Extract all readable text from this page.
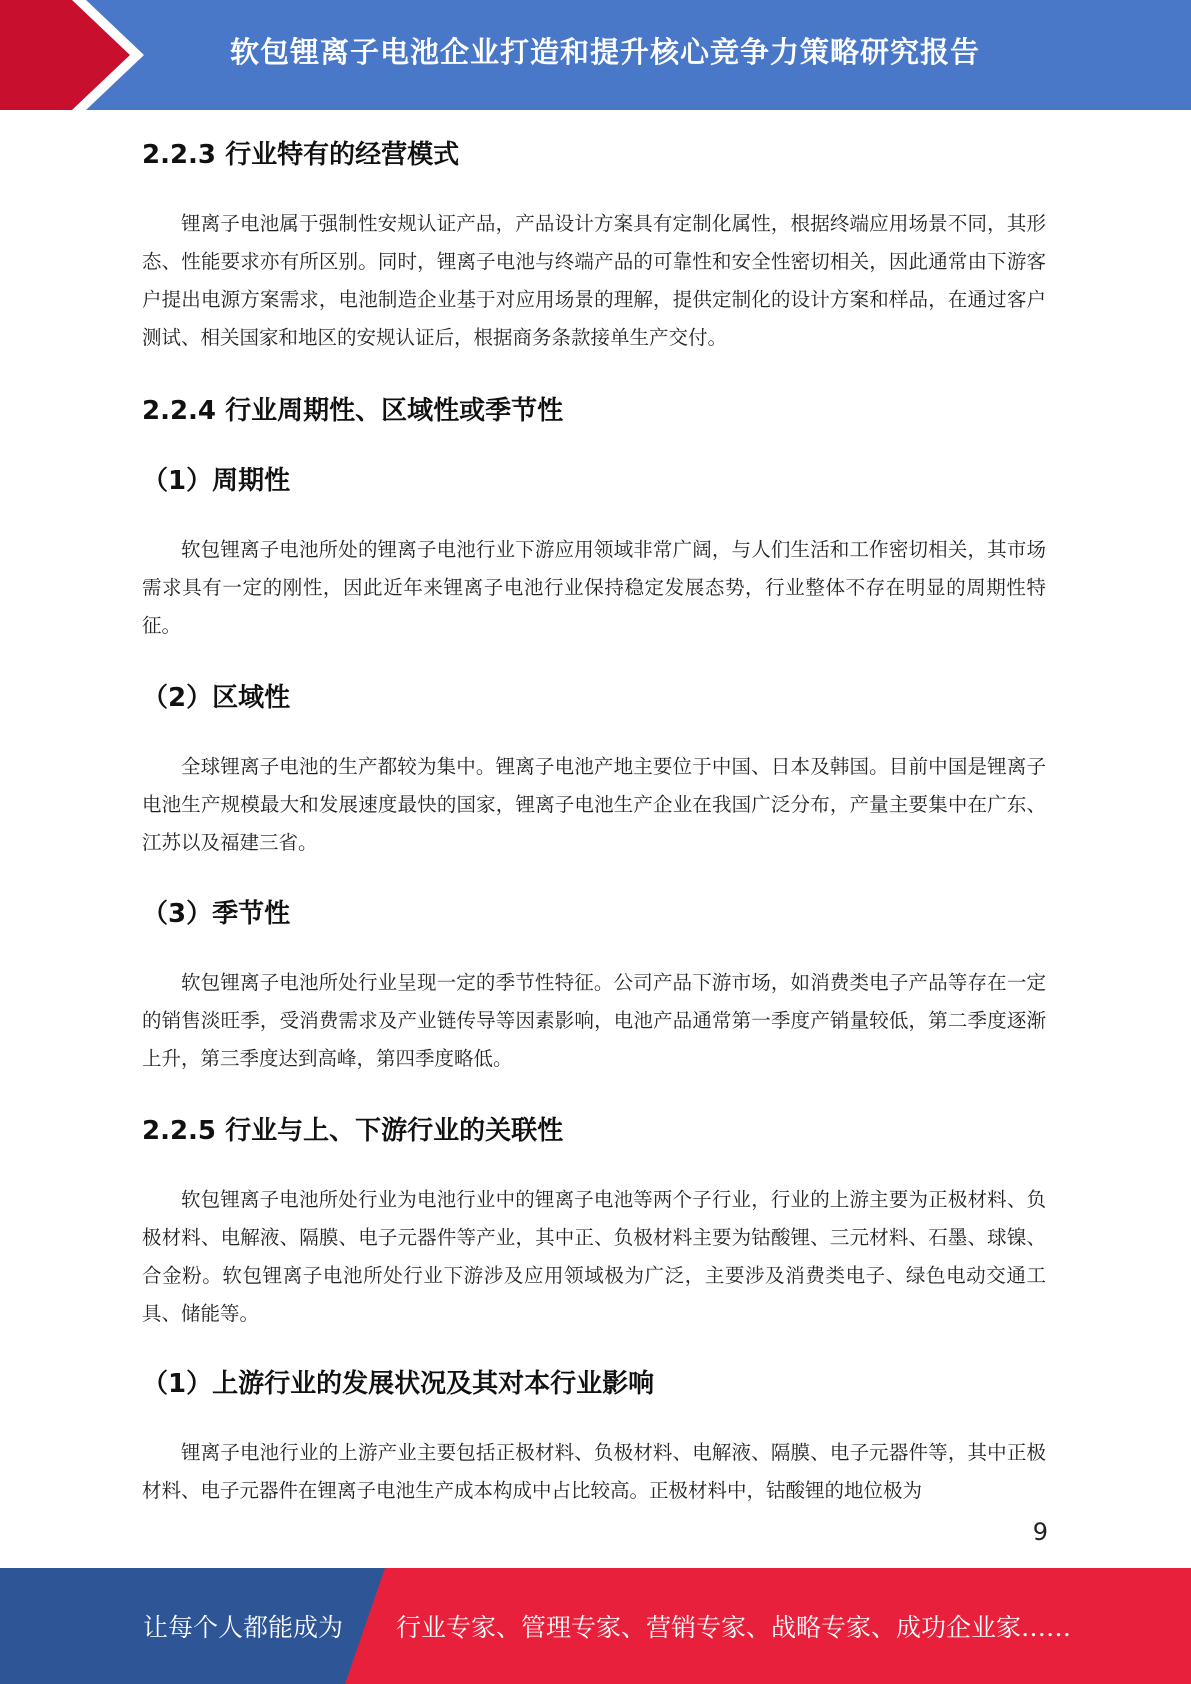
软包锂离子电池企业打造和提升核心竞争力策略研究报告
2.2.3 行业特有的经营模式

锂离子电池属于强制性安规认证产品，产品设计方案具有定制化属性，根据终端应用场景不同，其形态、性能要求亦有所区别。同时，锂离子电池与终端产品的可靠性和安全性密切相关，因此通常由下游客户提出电源方案需求，电池制造企业基于对应用场景的理解，提供定制化的设计方案和样品，在通过客户测试、相关国家和地区的安规认证后，根据商务条款接单生产交付。

2.2.4 行业周期性、区域性或季节性
（1）周期性

软包锂离子电池所处的锂离子电池行业下游应用领域非常广阔，与人们生活和工作密切相关，其市场需求具有一定的刚性，因此近年来锂离子电池行业保持稳定发展态势，行业整体不存在明显的周期性特征。

（2）区域性

全球锂离子电池的生产都较为集中。锂离子电池产地主要位于中国、日本及韩国。目前中国是锂离子电池生产规模最大和发展速度最快的国家，锂离子电池生产企业在我国广泛分布，产量主要集中在广东、江苏以及福建三省。

（3）季节性

软包锂离子电池所处行业呈现一定的季节性特征。公司产品下游市场，如消费类电子产品等存在一定的销售淡旺季，受消费需求及产业链传导等因素影响，电池产品通常第一季度产销量较低，第二季度逐渐上升，第三季度达到高峰，第四季度略低。

2.2.5 行业与上、下游行业的关联性

软包锂离子电池所处行业为电池行业中的锂离子电池等两个子行业，行业的上游主要为正极材料、负极材料、电解液、隔膜、电子元器件等产业，其中正、负极材料主要为钴酸锂、三元材料、石墨、球镍、合金粉。软包锂离子电池所处行业下游涉及应用领域极为广泛，主要涉及消费类电子、绿色电动交通工具、储能等。

（1）上游行业的发展状况及其对本行业影响

锂离子电池行业的上游产业主要包括正极材料、负极材料、电解液、隔膜、电子元器件等，其中正极材料、电子元器件在锂离子电池生产成本构成中占比较高。正极材料中，钴酸锂的地位极为

9
让每个人都能成为 行业专家、管理专家、营销专家、战略专家、成功企业家……
